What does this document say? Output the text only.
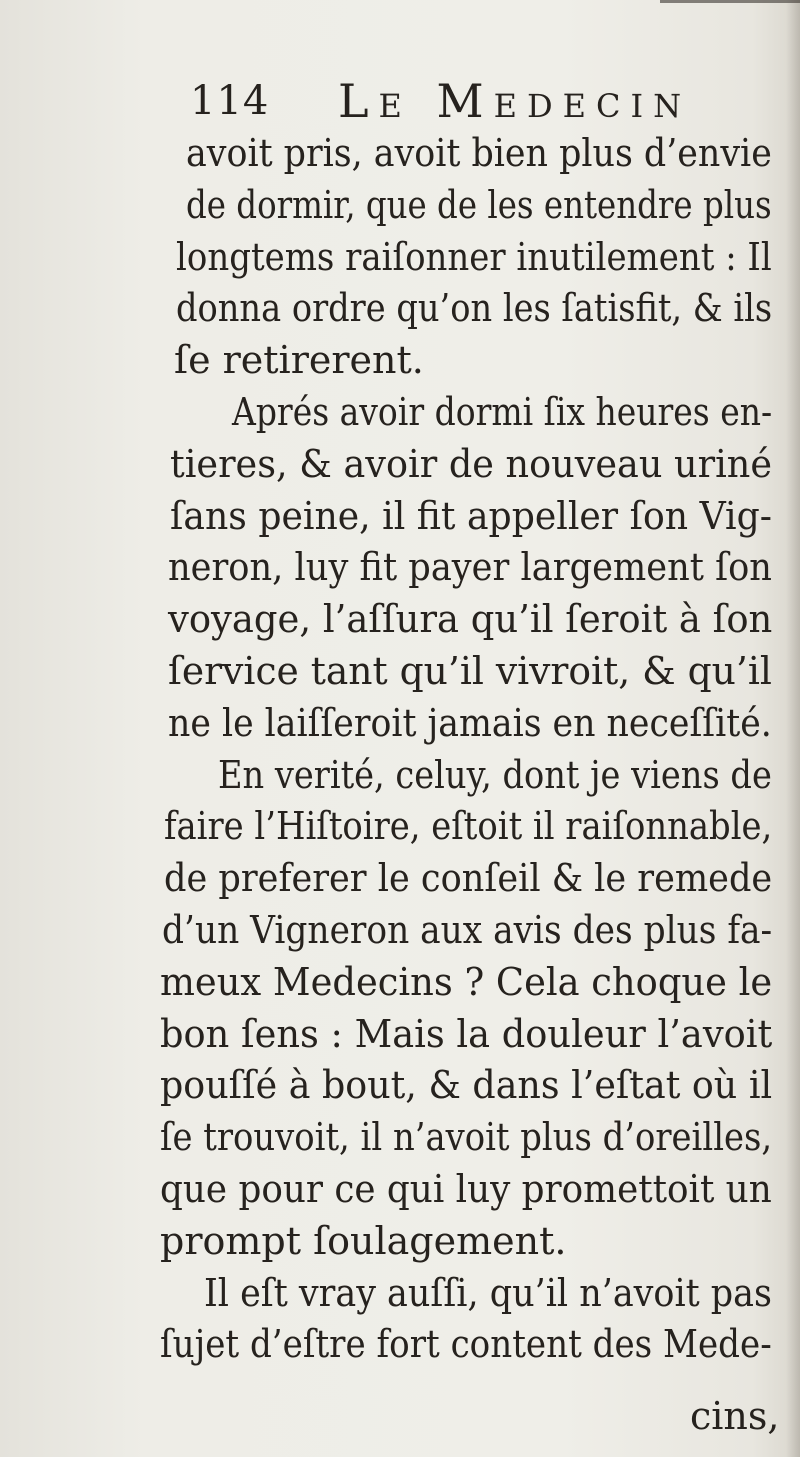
114 Le Medecin
avoit pris, avoit bien plus d’envie
de dormir, que de les entendre plus
longtems raiſonner inutilement : Il
donna ordre qu’on les ſatisfit, & ils
ſe retirerent.
Aprés avoir dormi ſix heures en-
tieres, & avoir de nouveau uriné
ſans peine, il fit appeller ſon Vig-
neron, luy fit payer largement ſon
voyage, l’aſſura qu’il ſeroit à ſon
ſervice tant qu’il vivroit, & qu’il
ne le laiſſeroit jamais en neceſſité.
En verité, celuy, dont je viens de
faire l’Hiſtoire, eſtoit il raiſonnable,
de preferer le conſeil & le remede
d’un Vigneron aux avis des plus fa-
meux Medecins ? Cela choque le
bon ſens : Mais la douleur l’avoit
pouſſé à bout, & dans l’eſtat où il
ſe trouvoit, il n’avoit plus d’oreilles,
que pour ce qui luy promettoit un
prompt ſoulagement.
Il eſt vray auſſi, qu’il n’avoit pas
ſujet d’eſtre fort content des Mede-
cins,
